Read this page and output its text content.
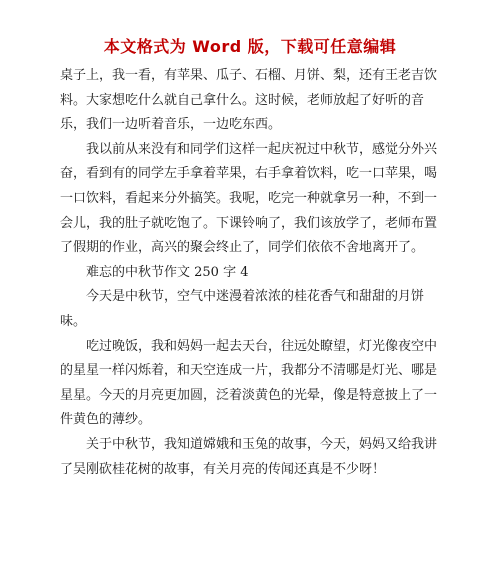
本文格式为 Word 版，下载可任意编辑

桌子上，我一看，有苹果、瓜子、石榴、月饼、梨，还有王老吉饮料。大家想吃什么就自己拿什么。这时候，老师放起了好听的音乐，我们一边听着音乐，一边吃东西。

我以前从来没有和同学们这样一起庆祝过中秋节，感觉分外兴奋，看到有的同学左手拿着苹果，右手拿着饮料，吃一口苹果，喝一口饮料，看起来分外搞笑。我呢，吃完一种就拿另一种，不到一会儿，我的肚子就吃饱了。下课铃响了，我们该放学了，老师布置了假期的作业，高兴的聚会终止了，同学们依依不舍地离开了。

难忘的中秋节作文 250 字 4

今天是中秋节，空气中迷漫着浓浓的桂花香气和甜甜的月饼味。

吃过晚饭，我和妈妈一起去天台，往远处瞭望，灯光像夜空中的星星一样闪烁着，和天空连成一片，我都分不清哪是灯光、哪是星星。今天的月亮更加圆，泛着淡黄色的光晕，像是特意披上了一件黄色的薄纱。

关于中秋节，我知道嫦娥和玉兔的故事，今天，妈妈又给我讲了吴刚砍桂花树的故事，有关月亮的传闻还真是不少呀！
